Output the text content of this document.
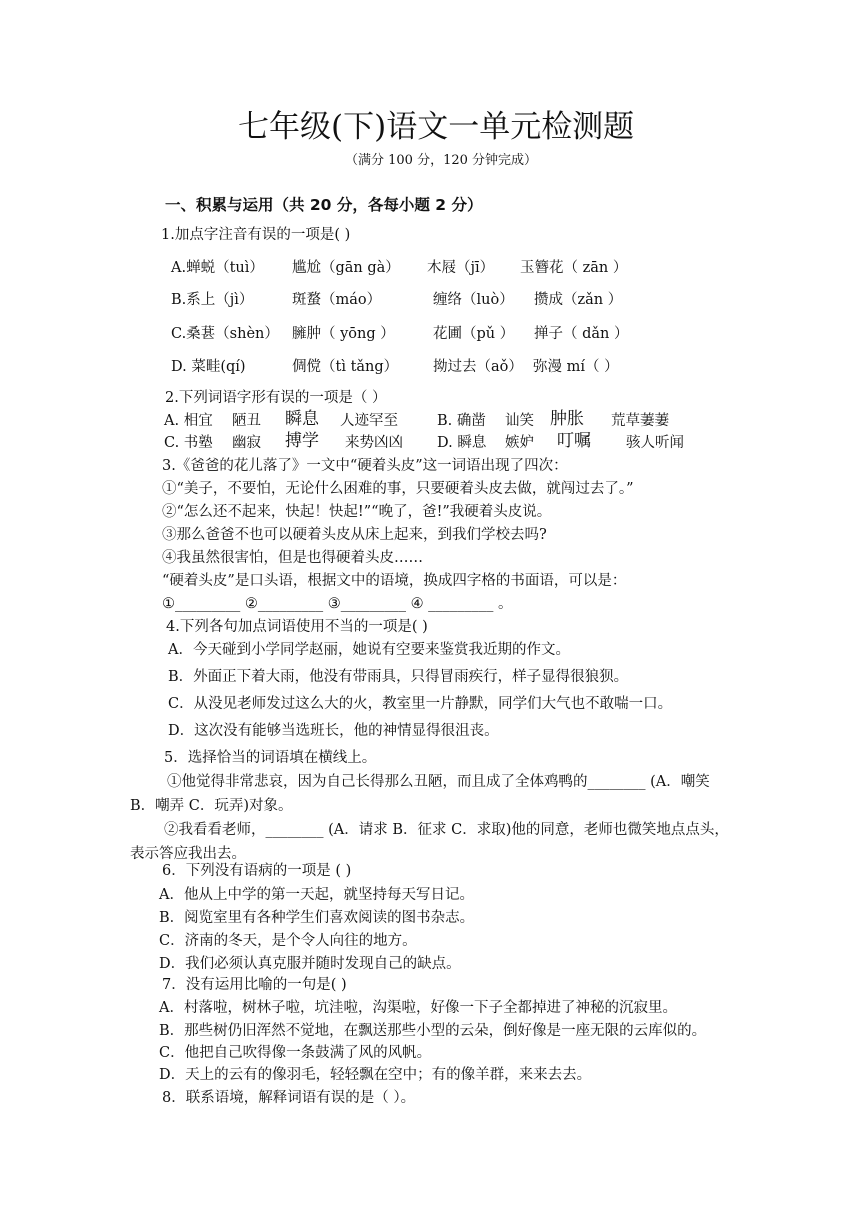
七年级(下)语文一单元检测题
（满分 100 分，120 分钟完成）
一、积累与运用（共 20 分，各每小题 2 分）
1.加点字注音有误的一项是( )
A.蝉蜕（tuì） 尴尬（gān gà） 木屐（jī） 玉簪花（ zān ）
B.系上（jì）	斑蝥（máo）	缠络（luò） 攒成（zǎn ）
C.桑葚（shèn） 臃肿（ yōng ）	花圃（pǔ ） 掸子（ dǎn ）
D. 菜畦(qí)	倜傥（tì tǎng） 拗过去（aǒ） 弥漫 mí（ ）
2.下列词语字形有误的一项是（ ）
A. 相宜 陋丑 瞬息 人迹罕至	B. 确凿 讪笑 肿胀 荒草萋萋
C. 书塾 幽寂 搏学 来势凶凶 D. 瞬息 嫉妒 叮嘱 骇人听闻
3.《爸爸的花儿落了》一文中“硬着头皮”这一词语出现了四次：
①“美子，不要怕，无论什么困难的事，只要硬着头皮去做，就闯过去了。”
②“怎么还不起来，快起！快起!”“晚了，爸!”我硬着头皮说。
③那么爸爸不也可以硬着头皮从床上起来，到我们学校去吗?
④我虽然很害怕，但是也得硬着头皮……
“硬着头皮”是口头语，根据文中的语境，换成四字格的书面语，可以是：
①_________ ②_________ ③_________ ④ _________ 。
4.下列各句加点词语使用不当的一项是( )
A．今天碰到小学同学赵丽，她说有空要来鉴赏我近期的作文。
B．外面正下着大雨，他没有带雨具，只得冒雨疾行，样子显得很狼狈。
C．从没见老师发过这么大的火，教室里一片静默，同学们大气也不敢喘一口。
D．这次没有能够当选班长，他的神情显得很沮丧。
5．选择恰当的词语填在横线上。
①他觉得非常悲哀，因为自己长得那么丑陋，而且成了全体鸡鸭的________ (A．嘲笑
B．嘲弄 C．玩弄)对象。
②我看看老师，________ (A．请求 B．征求 C．求取)他的同意，老师也微笑地点点头，
表示答应我出去。
6．下列没有语病的一项是 ( )
A．他从上中学的第一天起，就坚持每天写日记。
B．阅览室里有各种学生们喜欢阅读的图书杂志。
C．济南的冬天，是个令人向往的地方。
D．我们必须认真克服并随时发现自己的缺点。
7．没有运用比喻的一句是( )
A．村落啦，树林子啦，坑洼啦，沟渠啦，好像一下子全都掉进了神秘的沉寂里。
B．那些树仍旧浑然不觉地，在飘送那些小型的云朵，倒好像是一座无限的云库似的。
C．他把自己吹得像一条鼓满了风的风帆。
D．天上的云有的像羽毛，轻轻飘在空中；有的像羊群，来来去去。
8．联系语境，解释词语有误的是（ ）。
